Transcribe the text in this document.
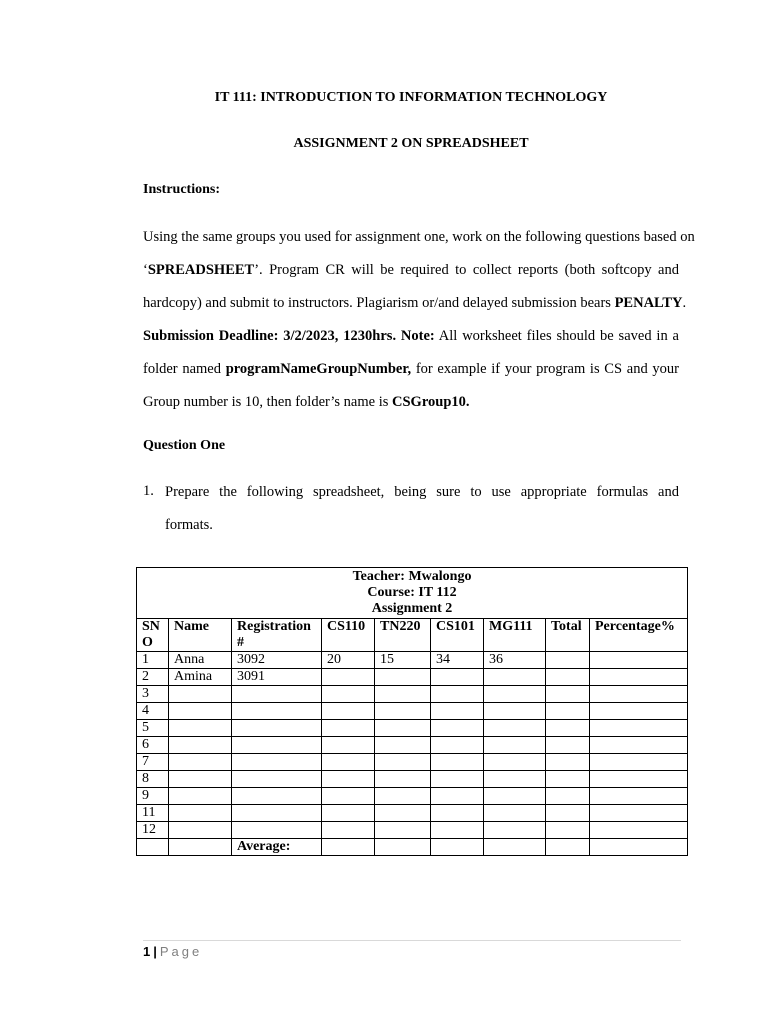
IT 111: INTRODUCTION TO INFORMATION TECHNOLOGY
ASSIGNMENT 2 ON SPREADSHEET
Instructions:
Using the same groups you used for assignment one, work on the following questions based on
‘SPREADSHEET’. Program CR will be required to collect reports (both softcopy and
hardcopy) and submit to instructors. Plagiarism or/and delayed submission bears PENALTY.
Submission Deadline: 3/2/2023, 1230hrs. Note: All worksheet files should be saved in a
folder named programNameGroupNumber, for example if your program is CS and your
Group number is 10, then folder’s name is CSGroup10.
Question One
1. Prepare the following spreadsheet, being sure to use appropriate formulas and
formats.
Teacher: Mwalongo
Course: IT 112
Assignment 2								

SN O	Name	Registration #	CS110	TN220	CS101	MG111	Total	Percentage%
1	Anna	3092	20	15	34	36		
2	Amina	3091						
3								
4								
5								
6								
7								
8								
9								
11								
12								
		Average:						
1 | Page
